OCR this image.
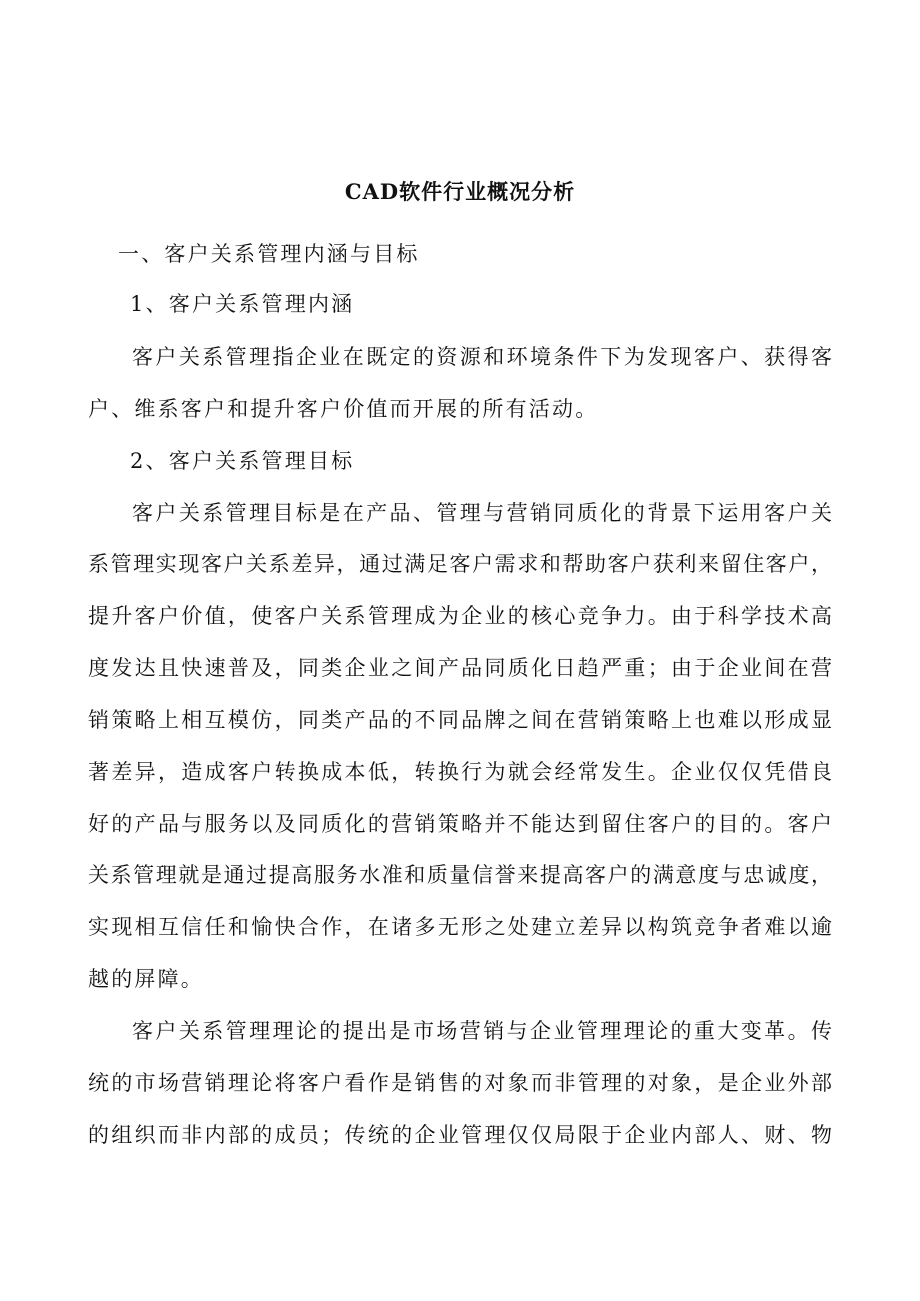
CAD软件行业概况分析
一、客户关系管理内涵与目标
1、客户关系管理内涵
客户关系管理指企业在既定的资源和环境条件下为发现客户、获得客
户、维系客户和提升客户价值而开展的所有活动。
2、客户关系管理目标
客户关系管理目标是在产品、管理与营销同质化的背景下运用客户关
系管理实现客户关系差异，通过满足客户需求和帮助客户获利来留住客户，
提升客户价值，使客户关系管理成为企业的核心竞争力。由于科学技术高
度发达且快速普及，同类企业之间产品同质化日趋严重；由于企业间在营
销策略上相互模仿，同类产品的不同品牌之间在营销策略上也难以形成显
著差异，造成客户转换成本低，转换行为就会经常发生。企业仅仅凭借良
好的产品与服务以及同质化的营销策略并不能达到留住客户的目的。客户
关系管理就是通过提高服务水准和质量信誉来提高客户的满意度与忠诚度，
实现相互信任和愉快合作，在诸多无形之处建立差异以构筑竞争者难以逾
越的屏障。
客户关系管理理论的提出是市场营销与企业管理理论的重大变革。传
统的市场营销理论将客户看作是销售的对象而非管理的对象，是企业外部
的组织而非内部的成员；传统的企业管理仅仅局限于企业内部人、财、物
